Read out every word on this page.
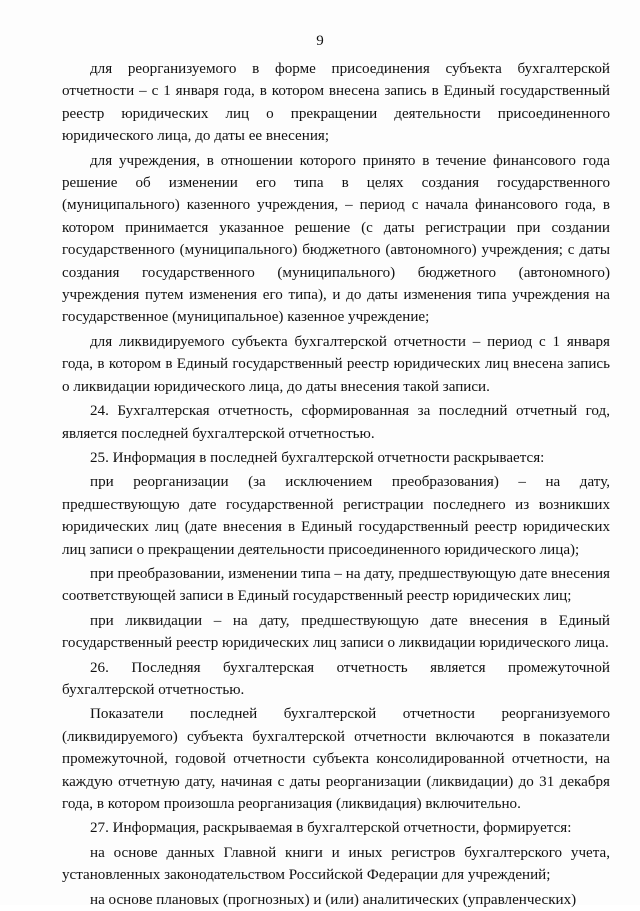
9

для реорганизуемого в форме присоединения субъекта бухгалтерской отчетности – с 1 января года, в котором внесена запись в Единый государственный реестр юридических лиц о прекращении деятельности присоединенного юридического лица, до даты ее внесения;

для учреждения, в отношении которого принято в течение финансового года решение об изменении его типа в целях создания государственного (муниципального) казенного учреждения, – период с начала финансового года, в котором принимается указанное решение (с даты регистрации при создании государственного (муниципального) бюджетного (автономного) учреждения; с даты создания государственного (муниципального) бюджетного (автономного) учреждения путем изменения его типа), и до даты изменения типа учреждения на государственное (муниципальное) казенное учреждение;

для ликвидируемого субъекта бухгалтерской отчетности – период с 1 января года, в котором в Единый государственный реестр юридических лиц внесена запись о ликвидации юридического лица, до даты внесения такой записи.

24. Бухгалтерская отчетность, сформированная за последний отчетный год, является последней бухгалтерской отчетностью.

25. Информация в последней бухгалтерской отчетности раскрывается:

при реорганизации (за исключением преобразования) – на дату, предшествующую дате государственной регистрации последнего из возникших юридических лиц (дате внесения в Единый государственный реестр юридических лиц записи о прекращении деятельности присоединенного юридического лица);

при преобразовании, изменении типа – на дату, предшествующую дате внесения соответствующей записи в Единый государственный реестр юридических лиц;

при ликвидации – на дату, предшествующую дате внесения в Единый государственный реестр юридических лиц записи о ликвидации юридического лица.

26. Последняя бухгалтерская отчетность является промежуточной бухгалтерской отчетностью.

Показатели последней бухгалтерской отчетности реорганизуемого (ликвидируемого) субъекта бухгалтерской отчетности включаются в показатели промежуточной, годовой отчетности субъекта консолидированной отчетности, на каждую отчетную дату, начиная с даты реорганизации (ликвидации) до 31 декабря года, в котором произошла реорганизация (ликвидация) включительно.

27. Информация, раскрываемая в бухгалтерской отчетности, формируется:

на основе данных Главной книги и иных регистров бухгалтерского учета, установленных законодательством Российской Федерации для учреждений;

на основе плановых (прогнозных) и (или) аналитических (управленческих)
